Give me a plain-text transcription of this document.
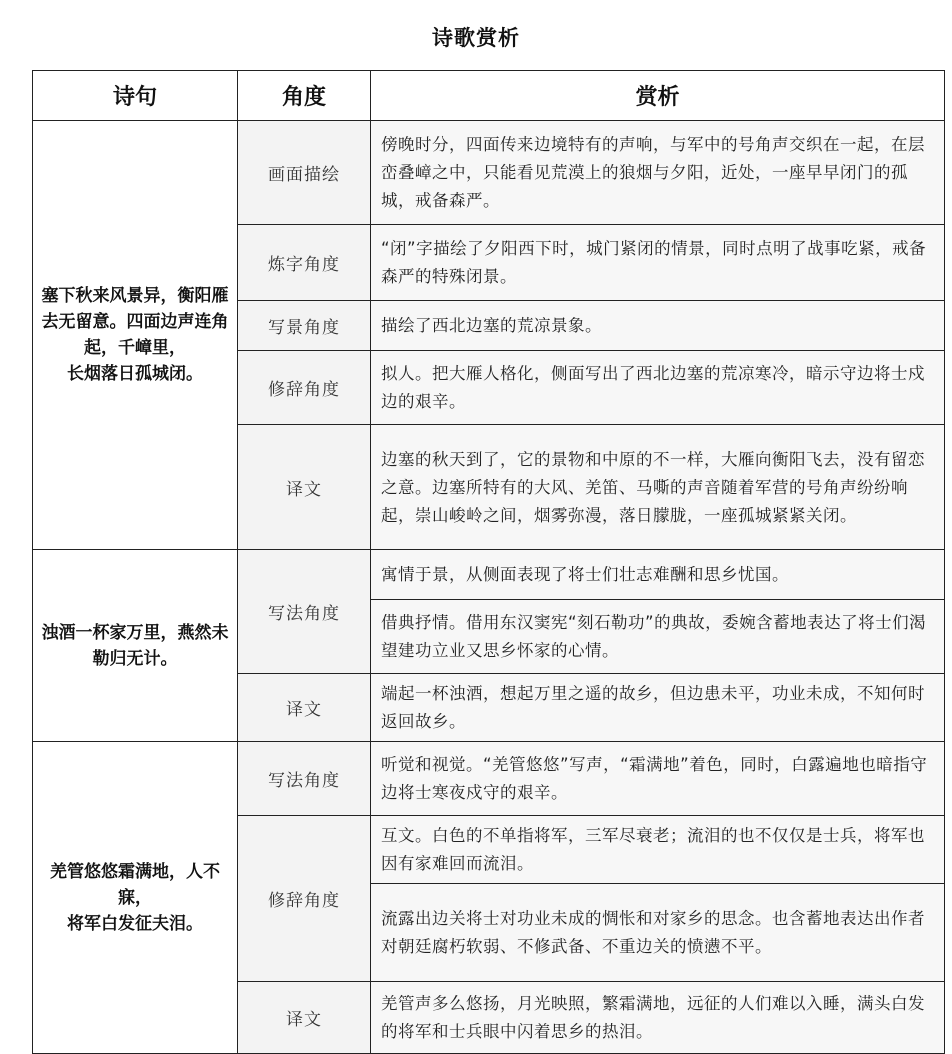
诗歌赏析
诗句	角度	赏析
塞下秋来风景异，衡阳雁去无留意。四面边声连角起，千嶂里，
长烟落日孤城闭。	画面描绘	傍晚时分，四面传来边境特有的声响，与军中的号角声交织在一起，在层峦叠嶂之中，只能看见荒漠上的狼烟与夕阳，近处，一座早早闭门的孤城，戒备森严。
	炼字角度	“闭”字描绘了夕阳西下时，城门紧闭的情景，同时点明了战事吃紧，戒备森严的特殊闭景。
	写景角度	描绘了西北边塞的荒凉景象。
	修辞角度	拟人。把大雁人格化，侧面写出了西北边塞的荒凉寒冷，暗示守边将士戍边的艰辛。
	译文	边塞的秋天到了，它的景物和中原的不一样，大雁向衡阳飞去，没有留恋之意。边塞所特有的大风、羌笛、马嘶的声音随着军营的号角声纷纷响起，崇山峻岭之间，烟雾弥漫，落日朦胧，一座孤城紧紧关闭。
浊酒一杯家万里，燕然未勒归无计。	写法角度	寓情于景，从侧面表现了将士们壮志难酬和思乡忧国。
		借典抒情。借用东汉窦宪“刻石勒功”的典故，委婉含蓄地表达了将士们渴望建功立业又思乡怀家的心情。
	译文	端起一杯浊酒，想起万里之遥的故乡，但边患未平，功业未成，不知何时返回故乡。
羌管悠悠霜满地，人不寐，
将军白发征夫泪。	写法角度	听觉和视觉。“羌管悠悠”写声，“霜满地”着色，同时，白露遍地也暗指守边将士寒夜戍守的艰辛。
	修辞角度	互文。白色的不单指将军，三军尽衰老；流泪的也不仅仅是士兵，将军也因有家难回而流泪。
		流露出边关将士对功业未成的惆怅和对家乡的思念。也含蓄地表达出作者对朝廷腐朽软弱、不修武备、不重边关的愤懑不平。
	译文	羌管声多么悠扬，月光映照，繁霜满地，远征的人们难以入睡，满头白发的将军和士兵眼中闪着思乡的热泪。
